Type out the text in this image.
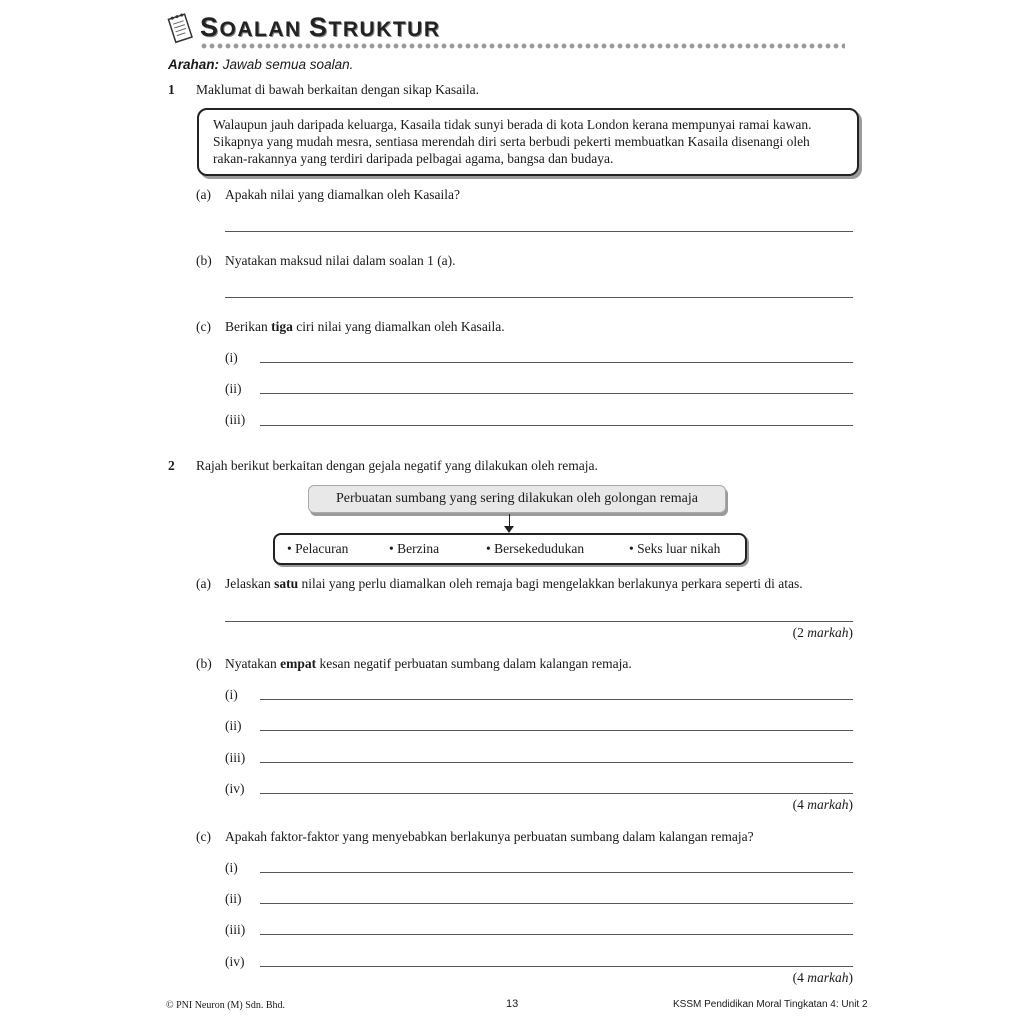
SOALAN STRUKTUR
Arahan: Jawab semua soalan.
1 Maklumat di bawah berkaitan dengan sikap Kasaila.
Walaupun jauh daripada keluarga, Kasaila tidak sunyi berada di kota London kerana mempunyai ramai kawan.
Sikapnya yang mudah mesra, sentiasa merendah diri serta berbudi pekerti membuatkan Kasaila disenangi oleh
rakan-rakannya yang terdiri daripada pelbagai agama, bangsa dan budaya.
(a) Apakah nilai yang diamalkan oleh Kasaila?
(b) Nyatakan maksud nilai dalam soalan 1 (a).
(c) Berikan tiga ciri nilai yang diamalkan oleh Kasaila.
(i)
(ii)
(iii)
2 Rajah berikut berkaitan dengan gejala negatif yang dilakukan oleh remaja.
Perbuatan sumbang yang sering dilakukan oleh golongan remaja
• Pelacuran	• Berzina	• Bersekedudukan	• Seks luar nikah
(a) Jelaskan satu nilai yang perlu diamalkan oleh remaja bagi mengelakkan berlakunya perkara seperti di atas.
(2 markah)
(b) Nyatakan empat kesan negatif perbuatan sumbang dalam kalangan remaja.
(i)
(ii)
(iii)
(iv)
(4 markah)
(c) Apakah faktor-faktor yang menyebabkan berlakunya perbuatan sumbang dalam kalangan remaja?
(i)
(ii)
(iii)
(iv)
(4 markah)
© PNI Neuron (M) Sdn. Bhd.	13	KSSM Pendidikan Moral Tingkatan 4: Unit 2
